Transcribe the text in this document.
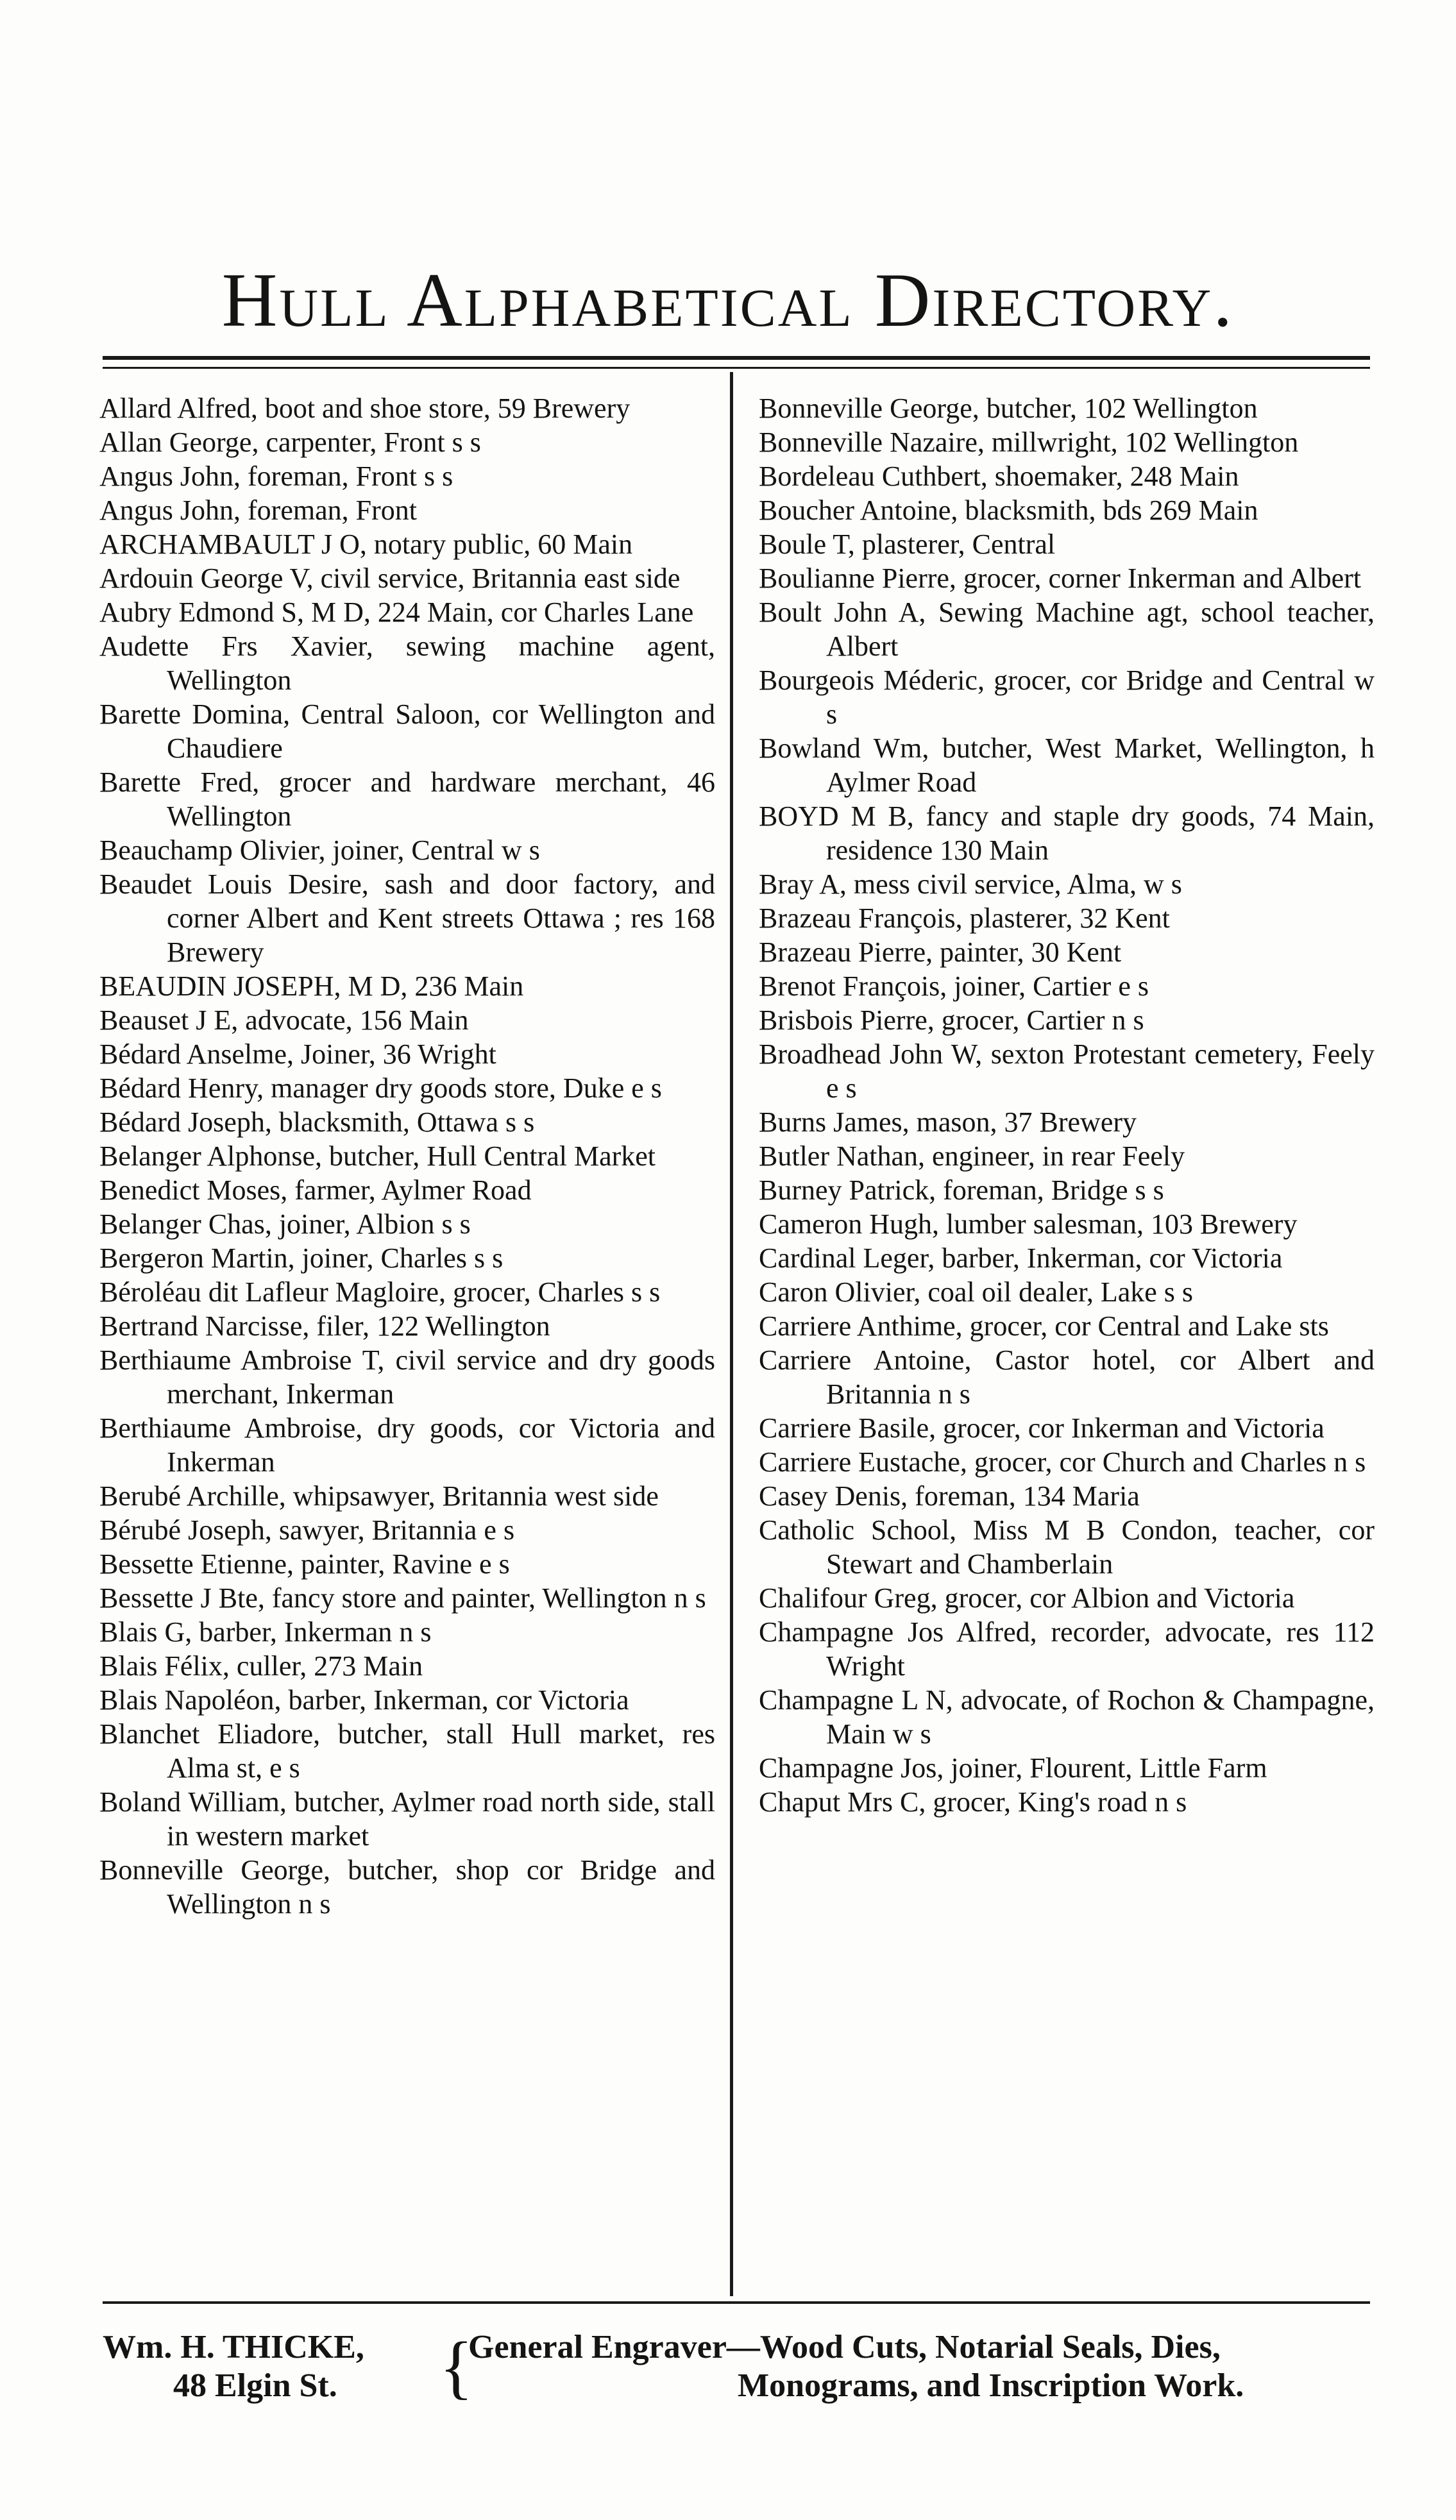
Hull Alphabetical Directory.

Allard Alfred, boot and shoe store, 59 Brewery

Allan George, carpenter, Front s s

Angus John, foreman, Front s s

Angus John, foreman, Front

ARCHAMBAULT J O, notary public, 60 Main

Ardouin George V, civil service, Britannia east side

Aubry Edmond S, M D, 224 Main, cor Charles Lane

Audette Frs Xavier, sewing machine agent, Wellington

Barette Domina, Central Saloon, cor Wellington and Chaudiere

Barette Fred, grocer and hardware merchant, 46 Wellington

Beauchamp Olivier, joiner, Central w s

Beaudet Louis Desire, sash and door factory, and corner Albert and Kent streets Ottawa ; res 168 Brewery

BEAUDIN JOSEPH, M D, 236 Main

Beauset J E, advocate, 156 Main

Bédard Anselme, Joiner, 36 Wright

Bédard Henry, manager dry goods store, Duke e s

Bédard Joseph, blacksmith, Ottawa s s

Belanger Alphonse, butcher, Hull Central Market

Benedict Moses, farmer, Aylmer Road

Belanger Chas, joiner, Albion s s

Bergeron Martin, joiner, Charles s s

Béroléau dit Lafleur Magloire, grocer, Charles s s

Bertrand Narcisse, filer, 122 Wellington

Berthiaume Ambroise T, civil service and dry goods merchant, Inkerman

Berthiaume Ambroise, dry goods, cor Victoria and Inkerman

Berubé Archille, whipsawyer, Britannia west side

Bérubé Joseph, sawyer, Britannia e s

Bessette Etienne, painter, Ravine e s

Bessette J Bte, fancy store and painter, Wellington n s

Blais G, barber, Inkerman n s

Blais Félix, culler, 273 Main

Blais Napoléon, barber, Inkerman, cor Victoria

Blanchet Eliadore, butcher, stall Hull market, res Alma st, e s

Boland William, butcher, Aylmer road north side, stall in western market

Bonneville George, butcher, shop cor Bridge and Wellington n s

Bonneville George, butcher, 102 Wellington

Bonneville Nazaire, millwright, 102 Wellington

Bordeleau Cuthbert, shoemaker, 248 Main

Boucher Antoine, blacksmith, bds 269 Main

Boule T, plasterer, Central

Boulianne Pierre, grocer, corner Inkerman and Albert

Boult John A, Sewing Machine agt, school teacher, Albert

Bourgeois Méderic, grocer, cor Bridge and Central w s

Bowland Wm, butcher, West Market, Wellington, h Aylmer Road

BOYD M B, fancy and staple dry goods, 74 Main, residence 130 Main

Bray A, mess civil service, Alma, w s

Brazeau François, plasterer, 32 Kent

Brazeau Pierre, painter, 30 Kent

Brenot François, joiner, Cartier e s

Brisbois Pierre, grocer, Cartier n s

Broadhead John W, sexton Protestant cemetery, Feely e s

Burns James, mason, 37 Brewery

Butler Nathan, engineer, in rear Feely

Burney Patrick, foreman, Bridge s s

Cameron Hugh, lumber salesman, 103 Brewery

Cardinal Leger, barber, Inkerman, cor Victoria

Caron Olivier, coal oil dealer, Lake s s

Carriere Anthime, grocer, cor Central and Lake sts

Carriere Antoine, Castor hotel, cor Albert and Britannia n s

Carriere Basile, grocer, cor Inkerman and Victoria

Carriere Eustache, grocer, cor Church and Charles n s

Casey Denis, foreman, 134 Maria

Catholic School, Miss M B Condon, teacher, cor Stewart and Chamberlain

Chalifour Greg, grocer, cor Albion and Victoria

Champagne Jos Alfred, recorder, advocate, res 112 Wright

Champagne L N, advocate, of Rochon & Champagne, Main w s

Champagne Jos, joiner, Flourent, Little Farm

Chaput Mrs C, grocer, King's road n s

Wm. H. THICKE,
48 Elgin St.	{
General Engraver—Wood Cuts, Notarial Seals, Dies,
Monograms, and Inscription Work.
